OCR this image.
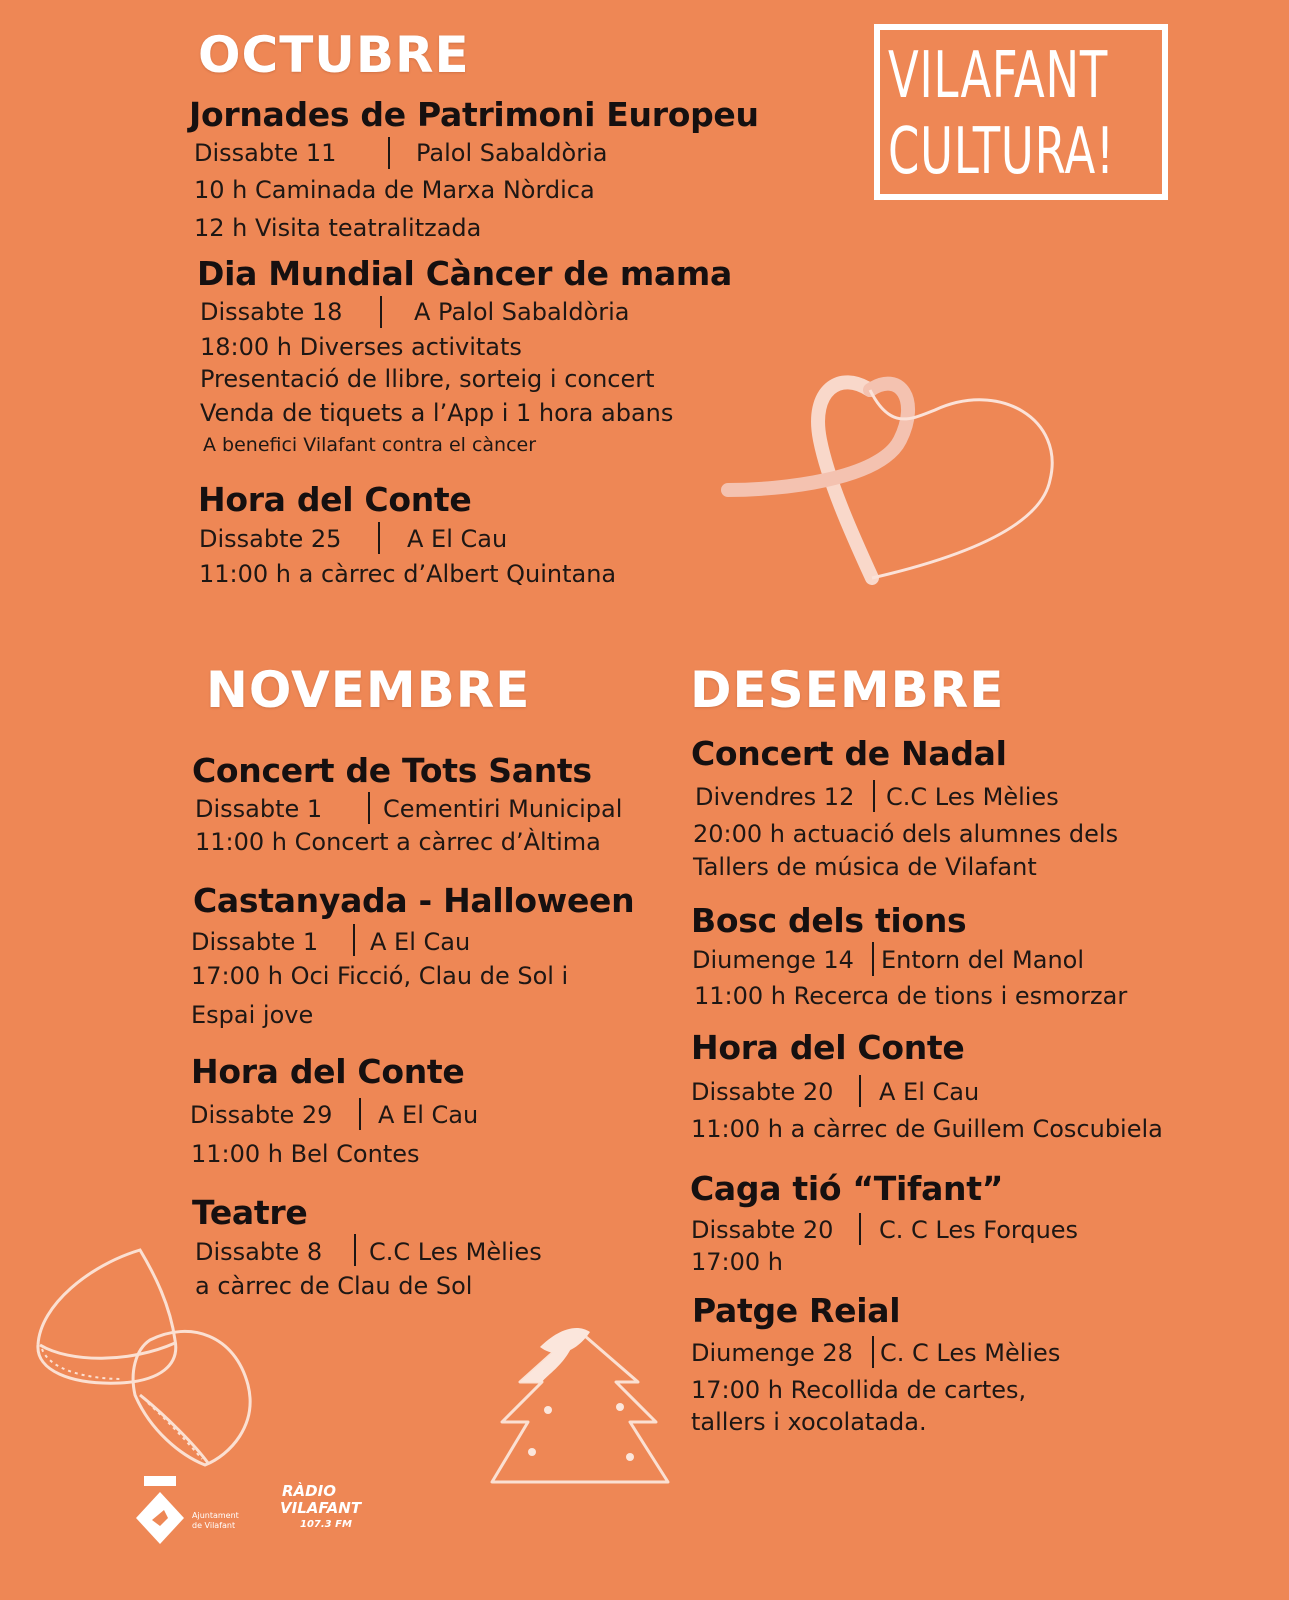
VILAFANT
CULTURA!
OCTUBRE
Jornades de Patrimoni Europeu
Dissabte 11	Palol Sabaldòria
10 h Caminada de Marxa Nòrdica
12 h Visita teatralitzada
Dia Mundial Càncer de mama
Dissabte 18	A Palol Sabaldòria
18:00 h Diverses activitats
Presentació de llibre, sorteig i concert
Venda de tiquets a l’App i 1 hora abans
A benefici Vilafant contra el càncer
Hora del Conte
Dissabte 25	A El Cau
11:00 h a càrrec d’Albert Quintana
NOVEMBRE
Concert de Tots Sants
Dissabte 1	Cementiri Municipal
11:00 h Concert a càrrec d’Àltima
Castanyada - Halloween
Dissabte 1 A El Cau
17:00 h Oci Ficció, Clau de Sol i
Espai jove
Hora del Conte
Dissabte 29 A El Cau
11:00 h Bel Contes
Teatre
Dissabte 8 C.C Les Mèlies
a càrrec de Clau de Sol
DESEMBRE
Concert de Nadal
Divendres 12 C.C Les Mèlies
20:00 h actuació dels alumnes dels
Tallers de música de Vilafant
Bosc dels tions
Diumenge 14 Entorn del Manol
11:00 h Recerca de tions i esmorzar
Hora del Conte
Dissabte 20 A El Cau
11:00 h a càrrec de Guillem Coscubiela
Caga tió “Tifant”
Dissabte 20 C. C Les Forques
17:00 h
Patge Reial
Diumenge 28 C. C Les Mèlies
17:00 h Recollida de cartes,
tallers i xocolatada.
Ajuntament
de Vilafant
RÀDIO
VILAFANT
107.3 FM
